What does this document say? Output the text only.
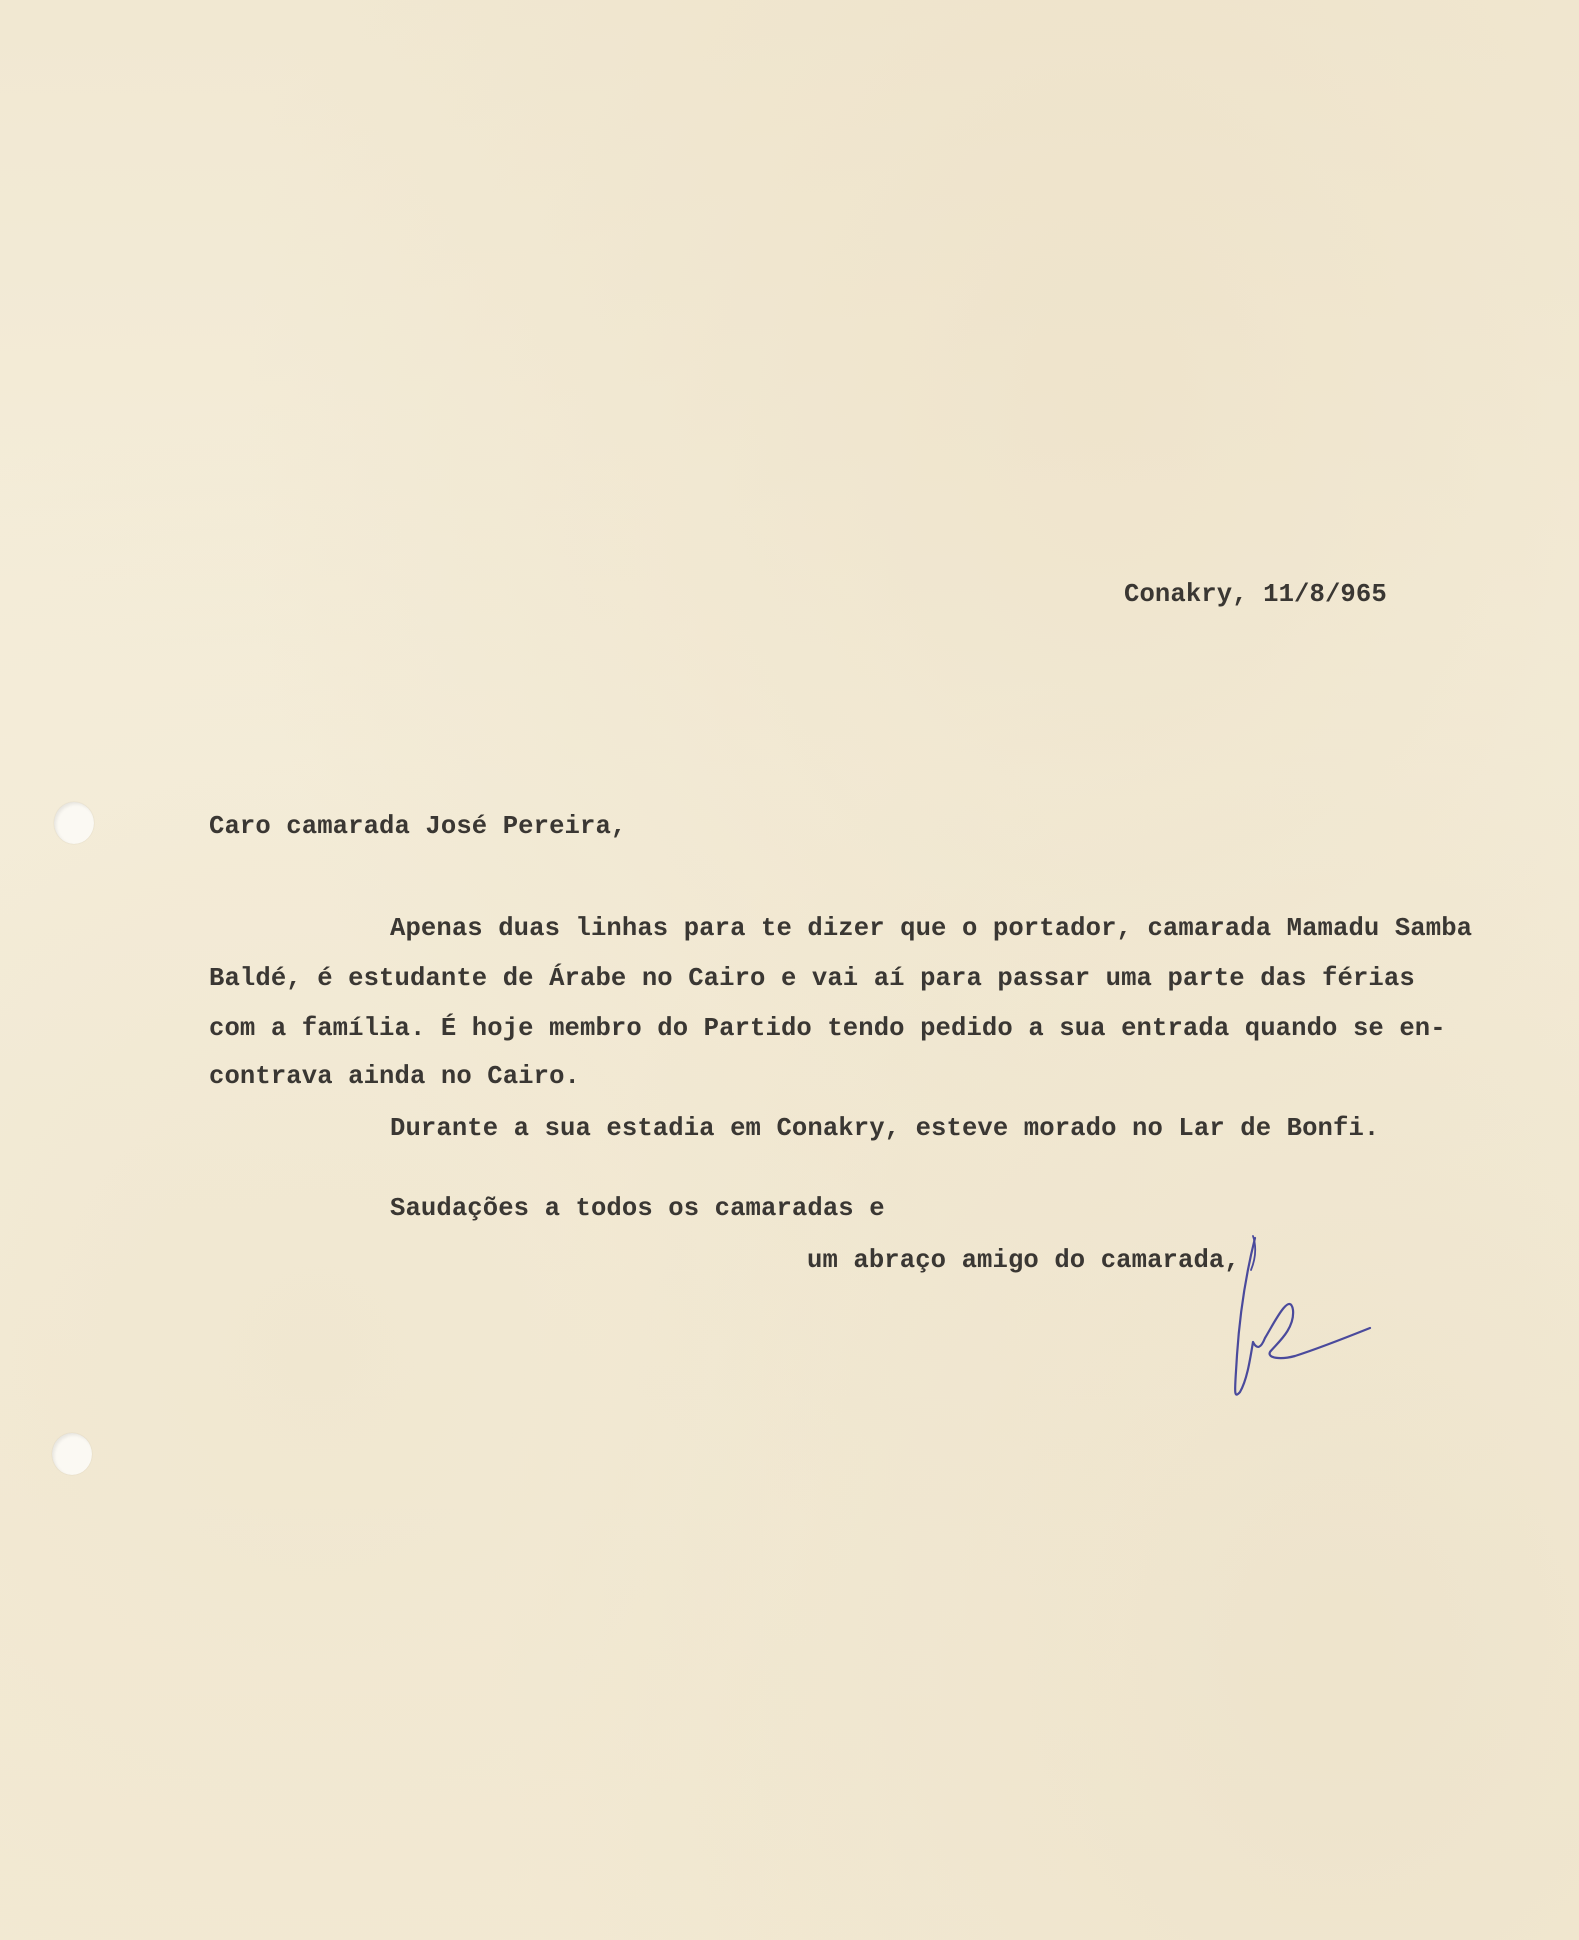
Conakry, 11/8/965
Caro camarada José Pereira,
Apenas duas linhas para te dizer que o portador, camarada Mamadu Samba
Baldé, é estudante de Árabe no Cairo e vai aí para passar uma parte das férias
com a família. É hoje membro do Partido tendo pedido a sua entrada quando se en-
contrava ainda no Cairo.
Durante a sua estadia em Conakry, esteve morado no Lar de Bonfi.
Saudações a todos os camaradas e
um abraço amigo do camarada,
